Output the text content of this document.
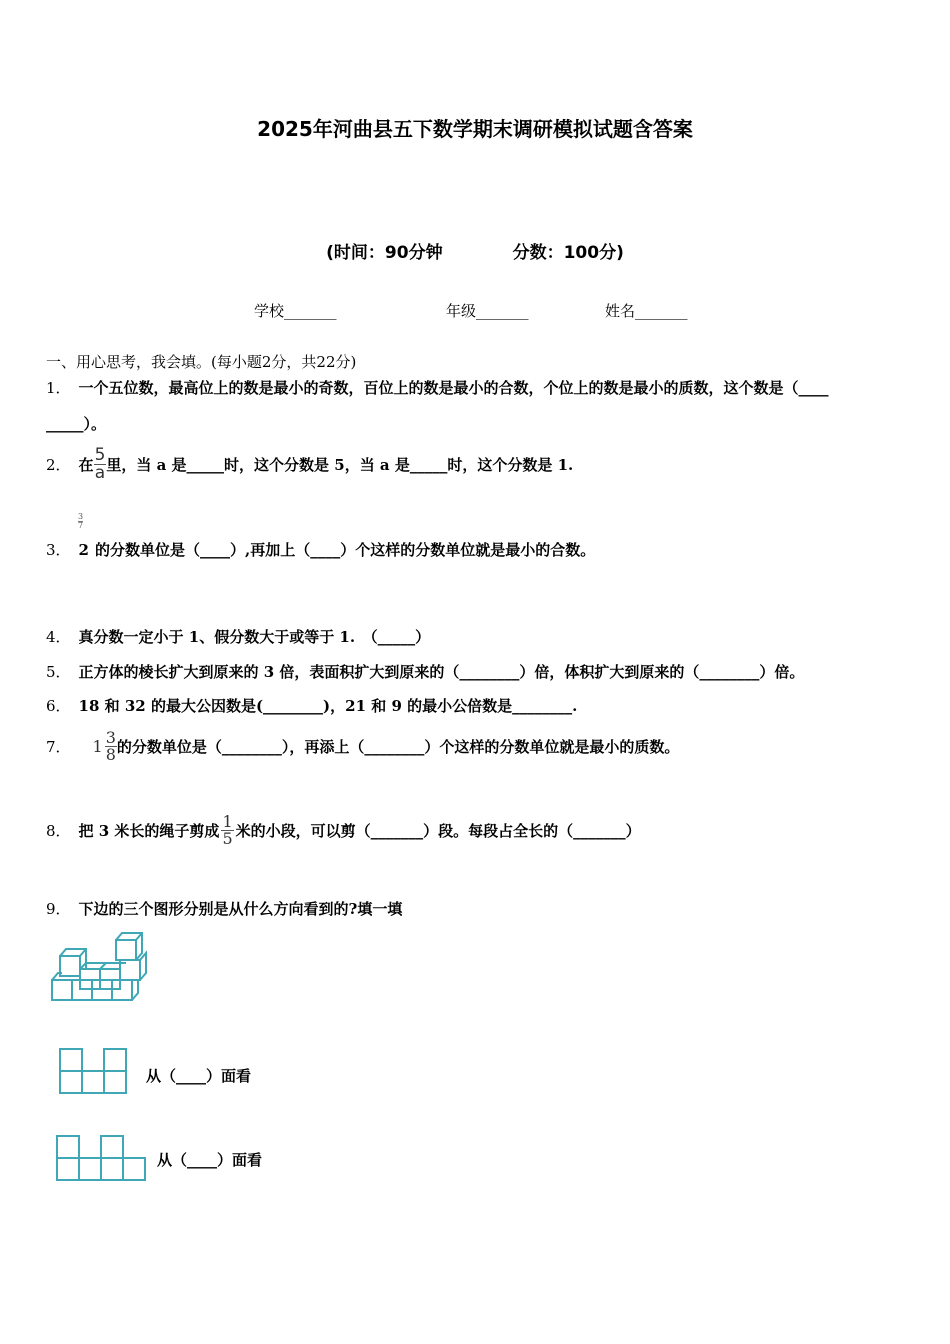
2025年河曲县五下数学期末调研模拟试题含答案
(时间：90分钟	分数：100分)
学校_______	年级_______	姓名_______
一、用心思考，我会填。(每小题2分，共22分)
1． 一个五位数，最高位上的数是最小的奇数，百位上的数是最小的合数，个位上的数是最小的质数，这个数是（____
_____）。
2． 在 $\frac{5}{a}$ 里，当 a 是_____时，这个分数是 5，当 a 是_____时，这个分数是 1.
$\frac{3}{7}$
3． 2 的分数单位是（____）,再加上（____）个这样的分数单位就是最小的合数。
4． 真分数一定小于 1、假分数大于或等于 1.　（_____）
5． 正方体的棱长扩大到原来的 3 倍，表面积扩大到原来的（________）倍，体积扩大到原来的（________）倍。
6． 18 和 32 的最大公因数是(________)，21 和 9 的最小公倍数是________.
7． $1 \frac{3}{8}$ 的分数单位是（________），再添上（________）个这样的分数单位就是最小的质数。
8． 把 3 米长的绳子剪成 $\frac{1}{5}$ 米的小段，可以剪（_______）段。每段占全长的（_______）
9． 下边的三个图形分别是从什么方向看到的?填一填
从（____）面看
从（____）面看
